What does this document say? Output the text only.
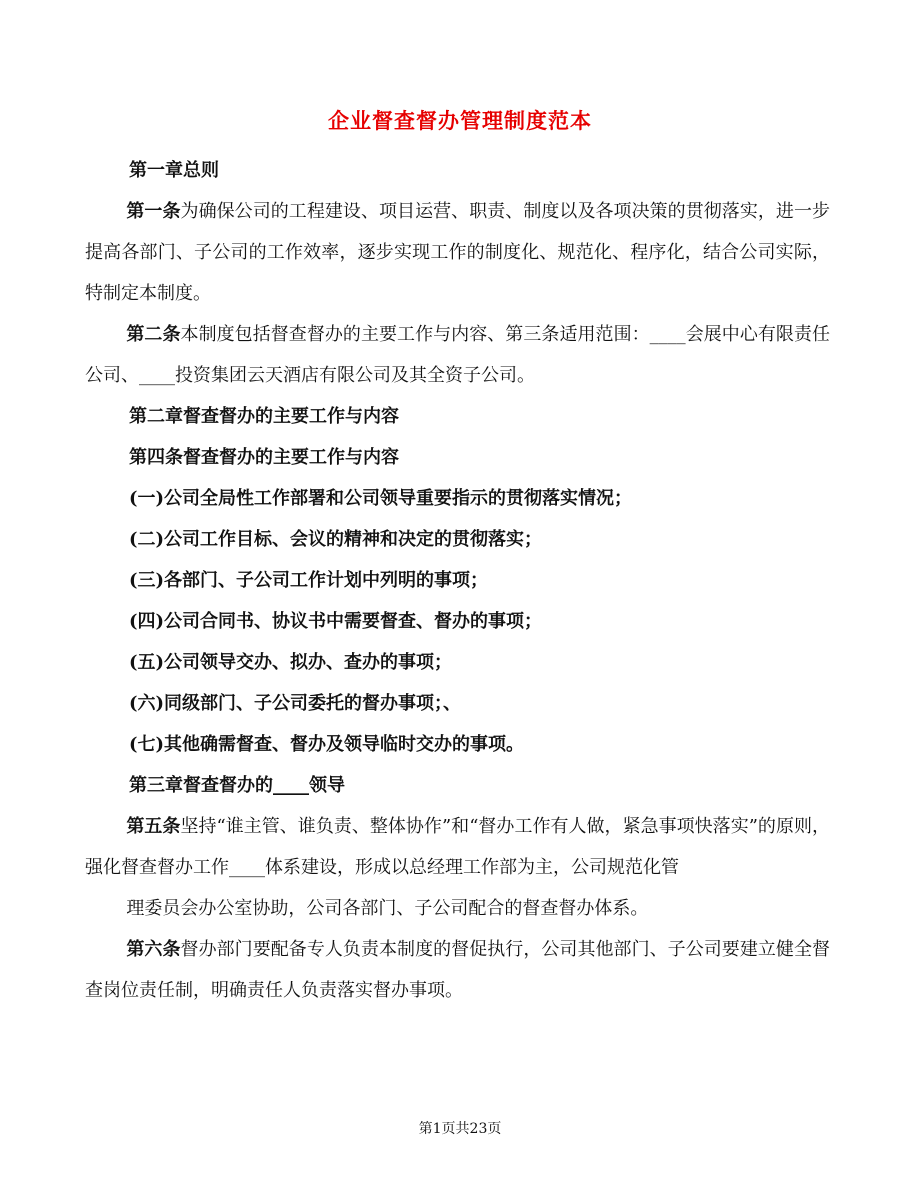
企业督查督办管理制度范本

第一章总则

第一条为确保公司的工程建设、项目运营、职责、制度以及各项决策的贯彻落实，进一步提高各部门、子公司的工作效率，逐步实现工作的制度化、规范化、程序化，结合公司实际，特制定本制度。

第二条本制度包括督查督办的主要工作与内容、第三条适用范围：____会展中心有限责任公司、____投资集团云天酒店有限公司及其全资子公司。

第二章督查督办的主要工作与内容

第四条督查督办的主要工作与内容

(一)公司全局性工作部署和公司领导重要指示的贯彻落实情况；

(二)公司工作目标、会议的精神和决定的贯彻落实；

(三)各部门、子公司工作计划中列明的事项；

(四)公司合同书、协议书中需要督查、督办的事项；

(五)公司领导交办、拟办、查办的事项；

(六)同级部门、子公司委托的督办事项；、

(七)其他确需督查、督办及领导临时交办的事项。

第三章督查督办的____领导

第五条坚持“谁主管、谁负责、整体协作”和“督办工作有人做，紧急事项快落实”的原则，强化督查督办工作____体系建设，形成以总经理工作部为主，公司规范化管

理委员会办公室协助，公司各部门、子公司配合的督查督办体系。

第六条督办部门要配备专人负责本制度的督促执行，公司其他部门、子公司要建立健全督查岗位责任制，明确责任人负责落实督办事项。

第1页共23页
